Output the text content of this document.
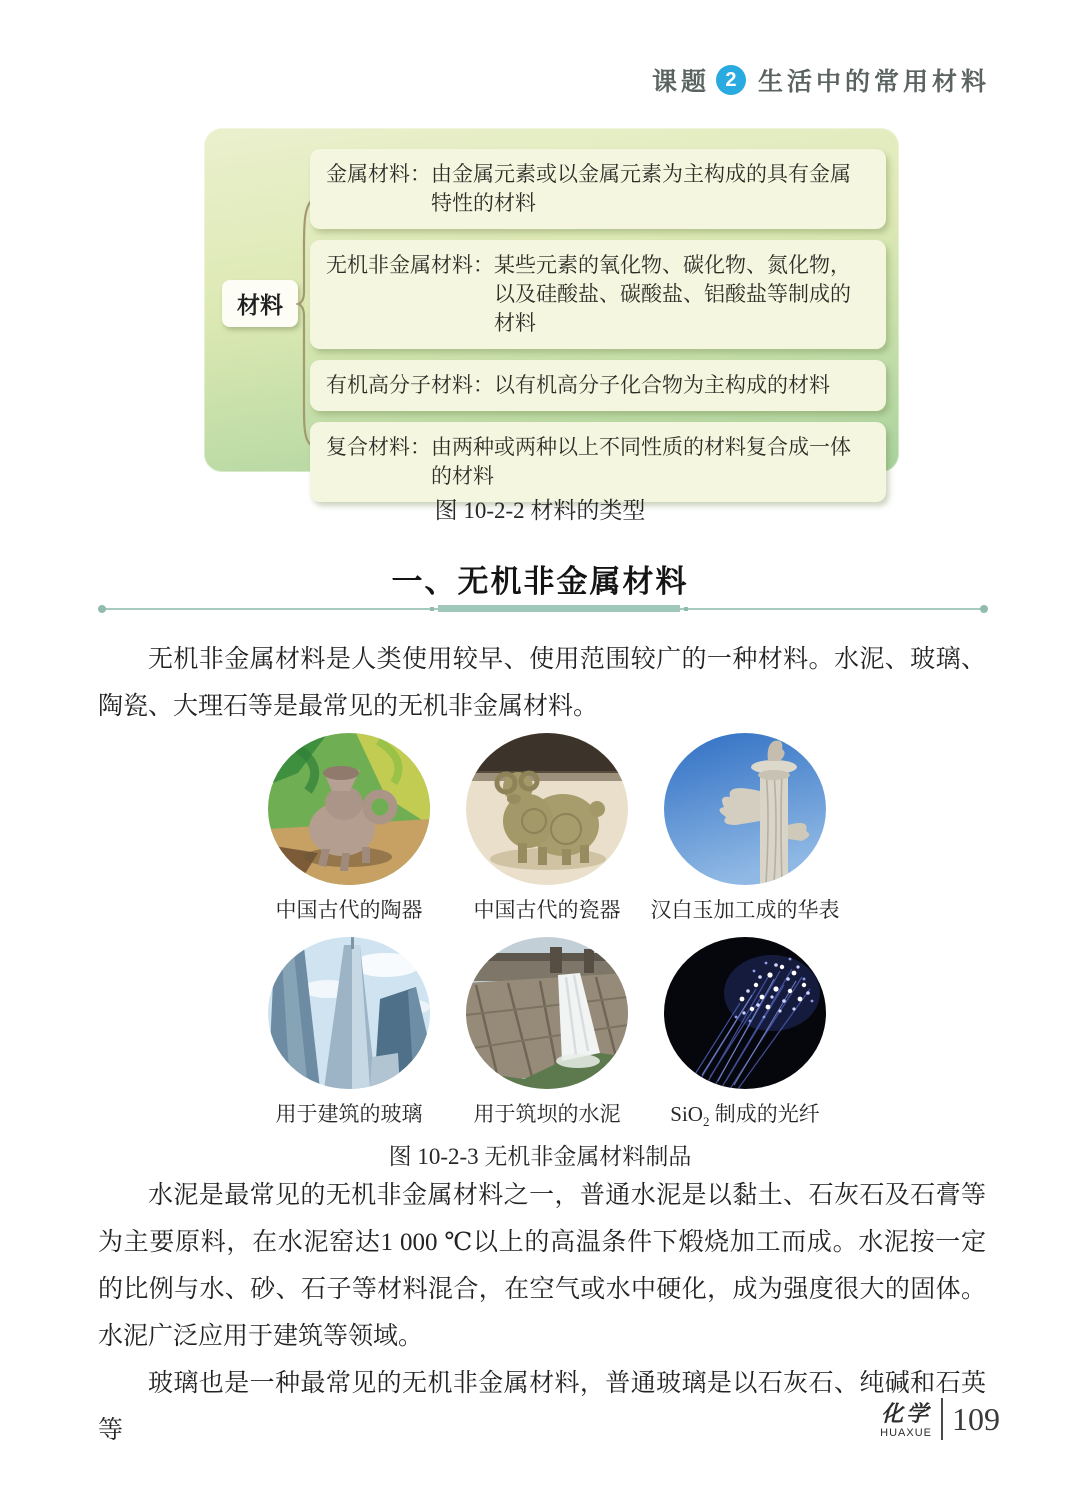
课题 2 生活中的常用材料
材料
金属材料： 由金属元素或以金属元素为主构成的具有金属特性的材料
无机非金属材料： 某些元素的氧化物、碳化物、氮化物，以及硅酸盐、碳酸盐、铝酸盐等制成的材料
有机高分子材料： 以有机高分子化合物为主构成的材料
复合材料： 由两种或两种以上不同性质的材料复合成一体的材料
图 10-2-2 材料的类型
一、无机非金属材料

无机非金属材料是人类使用较早、使用范围较广的一种材料。水泥、玻璃、陶瓷、大理石等是最常见的无机非金属材料。

中国古代的陶器	中国古代的瓷器	汉白玉加工成的华表
用于建筑的玻璃	用于筑坝的水泥	SiO$_2$ 制成的光纤
图 10-2-3 无机非金属材料制品

水泥是最常见的无机非金属材料之一，普通水泥是以黏土、石灰石及石膏等为主要原料，在水泥窑达1 000 ℃以上的高温条件下煅烧加工而成。水泥按一定的比例与水、砂、石子等材料混合，在空气或水中硬化，成为强度很大的固体。水泥广泛应用于建筑等领域。

玻璃也是一种最常见的无机非金属材料，普通玻璃是以石灰石、纯碱和石英等

化学
HUAXUE 109
